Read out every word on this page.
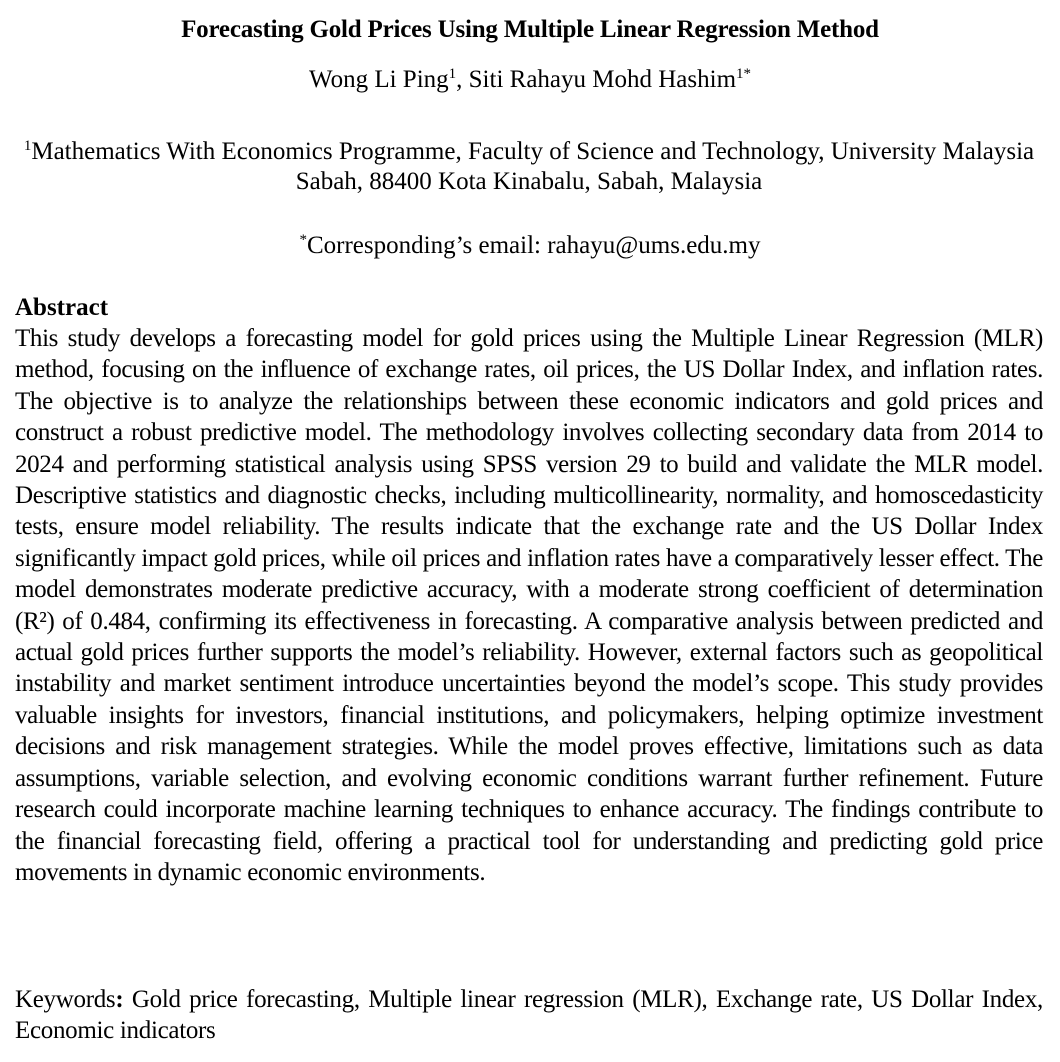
Forecasting Gold Prices Using Multiple Linear Regression Method
Wong Li Ping$^1$, Siti Rahayu Mohd Hashim$^{1*}$
$^1$Mathematics With Economics Programme, Faculty of Science and Technology, University Malaysia Sabah, 88400 Kota Kinabalu, Sabah, Malaysia
*Corresponding’s email: rahayu@ums.edu.my
Abstract
This study develops a forecasting model for gold prices using the Multiple Linear Regression (MLR) method, focusing on the influence of exchange rates, oil prices, the US Dollar Index, and inflation rates. The objective is to analyze the relationships between these economic indicators and gold prices and construct a robust predictive model. The methodology involves collecting secondary data from 2014 to 2024 and performing statistical analysis using SPSS version 29 to build and validate the MLR model. Descriptive statistics and diagnostic checks, including multicollinearity, normality, and homoscedasticity tests, ensure model reliability. The results indicate that the exchange rate and the US Dollar Index significantly impact gold prices, while oil prices and inflation rates have a comparatively lesser effect. The model demonstrates moderate predictive accuracy, with a moderate strong coefficient of determination (R²) of 0.484, confirming its effectiveness in forecasting. A comparative analysis between predicted and actual gold prices further supports the model’s reliability. However, external factors such as geopolitical instability and market sentiment introduce uncertainties beyond the model’s scope. This study provides valuable insights for investors, financial institutions, and policymakers, helping optimize investment decisions and risk management strategies. While the model proves effective, limitations such as data assumptions, variable selection, and evolving economic conditions warrant further refinement. Future research could incorporate machine learning techniques to enhance accuracy. The findings contribute to the financial forecasting field, offering a practical tool for understanding and predicting gold price movements in dynamic economic environments.
Keywords: Gold price forecasting, Multiple linear regression (MLR), Exchange rate, US Dollar Index, Economic indicators
